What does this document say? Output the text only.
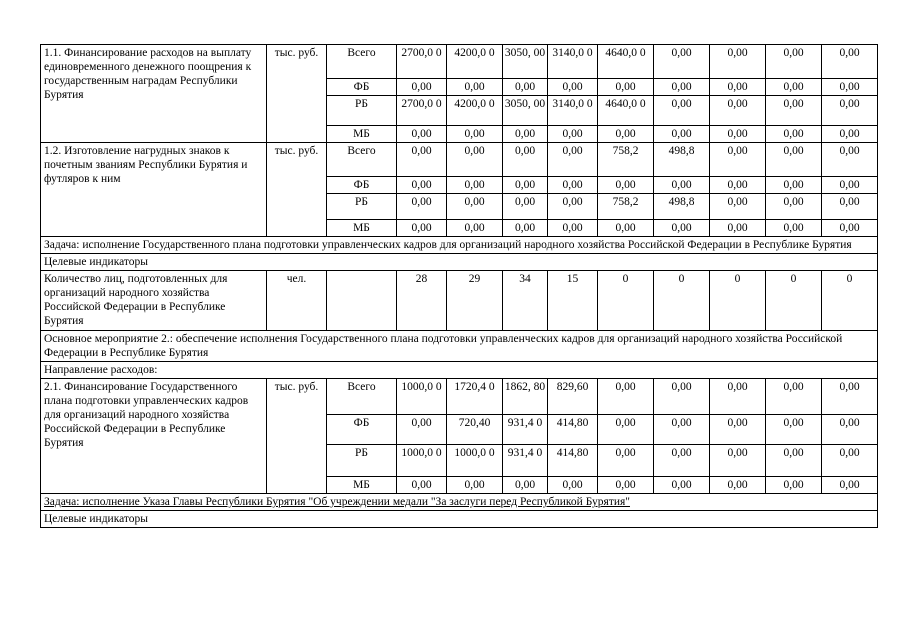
1.1. Финансирование расходов на выплату единовременного денежного поощрения к государственным наградам Республики Бурятия	тыс. руб.	Всего	2700,0 0	4200,0 0	3050, 00	3140,0 0	4640,0 0	0,00	0,00	0,00	0,00
		ФБ	0,00	0,00	0,00	0,00	0,00	0,00	0,00	0,00	0,00
		РБ	2700,0 0	4200,0 0	3050, 00	3140,0 0	4640,0 0	0,00	0,00	0,00	0,00
		МБ	0,00	0,00	0,00	0,00	0,00	0,00	0,00	0,00	0,00
1.2. Изготовление нагрудных знаков к почетным званиям Республики Бурятия и футляров к ним	тыс. руб.	Всего	0,00	0,00	0,00	0,00	758,2	498,8	0,00	0,00	0,00
		ФБ	0,00	0,00	0,00	0,00	0,00	0,00	0,00	0,00	0,00
		РБ	0,00	0,00	0,00	0,00	758,2	498,8	0,00	0,00	0,00
		МБ	0,00	0,00	0,00	0,00	0,00	0,00	0,00	0,00	0,00
Задача: исполнение Государственного плана подготовки управленческих кадров для организаций народного хозяйства Российской Федерации в Республике Бурятия											
Целевые индикаторы											
Количество лиц, подготовленных для организаций народного хозяйства Российской Федерации в Республике Бурятия	чел.		28	29	34	15	0	0	0	0	0
Основное мероприятие 2.: обеспечение исполнения Государственного плана подготовки управленческих кадров для организаций народного хозяйства Российской Федерации в Республике Бурятия											
Направление расходов:											
2.1. Финансирование Государственного плана подготовки управленческих кадров для организаций народного хозяйства Российской Федерации в Республике Бурятия	тыс. руб.	Всего	1000,0 0	1720,4 0	1862, 80	829,60	0,00	0,00	0,00	0,00	0,00
		ФБ	0,00	720,40	931,4 0	414,80	0,00	0,00	0,00	0,00	0,00
		РБ	1000,0 0	1000,0 0	931,4 0	414,80	0,00	0,00	0,00	0,00	0,00
		МБ	0,00	0,00	0,00	0,00	0,00	0,00	0,00	0,00	0,00
Задача: исполнение Указа Главы Республики Бурятия "Об учреждении медали "За заслуги перед Республикой Бурятия"											
Целевые индикаторы											
